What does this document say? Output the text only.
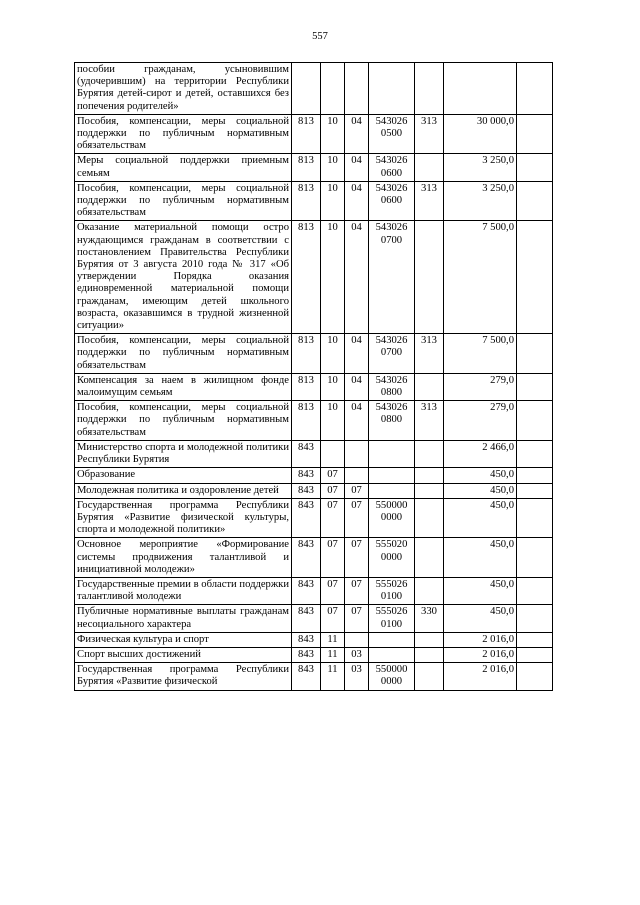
557
пособии гражданам, усыновившим (удочерившим) на территории Республики Бурятия детей-сирот и детей, оставшихся без попечения родителей»							
Пособия, компенсации, меры социальной поддержки по публичным нормативным обязательствам	813	10	04	543026 0500	313	30 000,0	
Меры социальной поддержки приемным семьям	813	10	04	543026 0600		3 250,0	
Пособия, компенсации, меры социальной поддержки по публичным нормативным обязательствам	813	10	04	543026 0600	313	3 250,0	
Оказание материальной помощи остро нуждающимся гражданам в соответствии с постановлением Правительства Республики Бурятия от 3 августа 2010 года № 317 «Об утверждении Порядка оказания единовременной материальной помощи гражданам, имеющим детей школьного возраста, оказавшимся в трудной жизненной ситуации»	813	10	04	543026 0700		7 500,0	
Пособия, компенсации, меры социальной поддержки по публичным нормативным обязательствам	813	10	04	543026 0700	313	7 500,0	
Компенсация за наем в жилищном фонде малоимущим семьям	813	10	04	543026 0800		279,0	
Пособия, компенсации, меры социальной поддержки по публичным нормативным обязательствам	813	10	04	543026 0800	313	279,0	
Министерство спорта и молодежной политики Республики Бурятия	843					2 466,0	
Образование	843	07				450,0	
Молодежная политика и оздоровление детей	843	07	07			450,0	
Государственная программа Республики Бурятия «Развитие физической культуры, спорта и молодежной политики»	843	07	07	550000 0000		450,0	
Основное мероприятие «Формирование системы продвижения талантливой и инициативной молодежи»	843	07	07	555020 0000		450,0	
Государственные премии в области поддержки талантливой молодежи	843	07	07	555026 0100		450,0	
Публичные нормативные выплаты гражданам несоциального характера	843	07	07	555026 0100	330	450,0	
Физическая культура и спорт	843	11				2 016,0	
Спорт высших достижений	843	11	03			2 016,0	
Государственная программа Республики Бурятия «Развитие физической	843	11	03	550000 0000		2 016,0	
